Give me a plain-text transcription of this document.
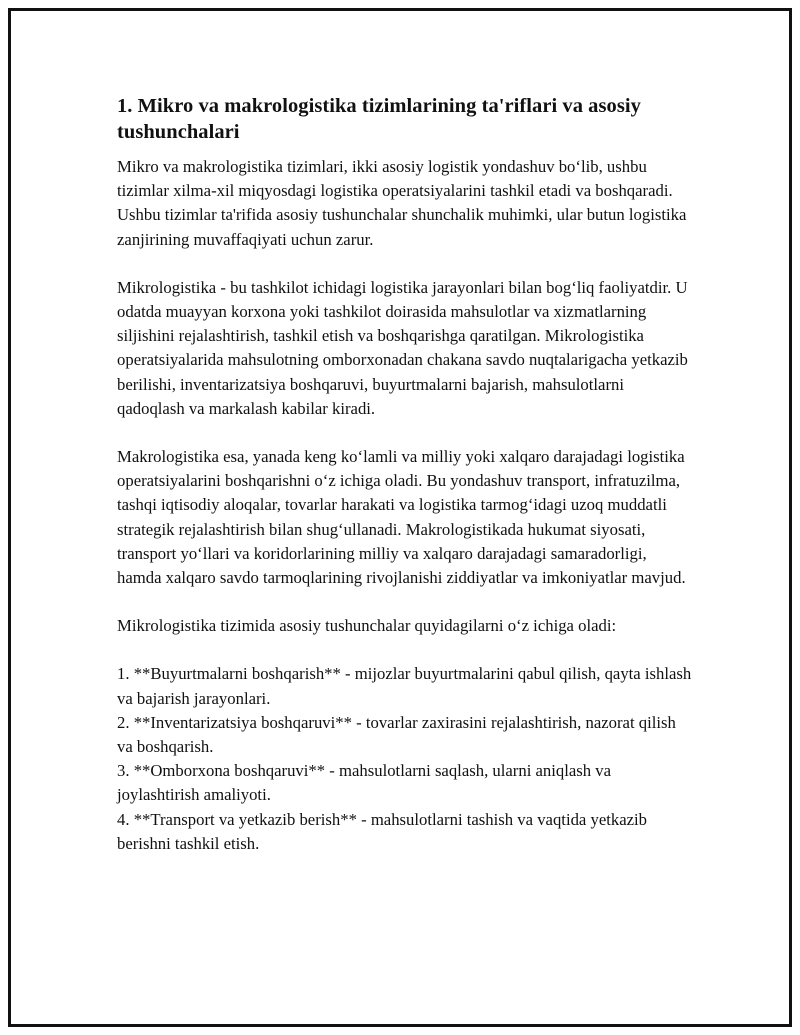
1. Mikro va makrologistika tizimlarining ta'riflari va asosiy tushunchalari

Mikro va makrologistika tizimlari, ikki asosiy logistik yondashuv bo‘lib, ushbu tizimlar xilma-xil miqyosdagi logistika operatsiyalarini tashkil etadi va boshqaradi. Ushbu tizimlar ta'rifida asosiy tushunchalar shunchalik muhimki, ular butun logistika zanjirining muvaffaqiyati uchun zarur.

Mikrologistika - bu tashkilot ichidagi logistika jarayonlari bilan bog‘liq faoliyatdir. U odatda muayyan korxona yoki tashkilot doirasida mahsulotlar va xizmatlarning siljishini rejalashtirish, tashkil etish va boshqarishga qaratilgan. Mikrologistika operatsiyalarida mahsulotning omborxonadan chakana savdo nuqtalarigacha yetkazib berilishi, inventarizatsiya boshqaruvi, buyurtmalarni bajarish, mahsulotlarni qadoqlash va markalash kabilar kiradi.

Makrologistika esa, yanada keng ko‘lamli va milliy yoki xalqaro darajadagi logistika operatsiyalarini boshqarishni o‘z ichiga oladi. Bu yondashuv transport, infratuzilma, tashqi iqtisodiy aloqalar, tovarlar harakati va logistika tarmog‘idagi uzoq muddatli strategik rejalashtirish bilan shug‘ullanadi. Makrologistikada hukumat siyosati, transport yo‘llari va koridorlarining milliy va xalqaro darajadagi samaradorligi, hamda xalqaro savdo tarmoqlarining rivojlanishi ziddiyatlar va imkoniyatlar mavjud.

Mikrologistika tizimida asosiy tushunchalar quyidagilarni o‘z ichiga oladi:

1. **Buyurtmalarni boshqarish** - mijozlar buyurtmalarini qabul qilish, qayta ishlash va bajarish jarayonlari.
2. **Inventarizatsiya boshqaruvi** - tovarlar zaxirasini rejalashtirish, nazorat qilish va boshqarish.
3. **Omborxona boshqaruvi** - mahsulotlarni saqlash, ularni aniqlash va joylashtirish amaliyoti.
4. **Transport va yetkazib berish** - mahsulotlarni tashish va vaqtida yetkazib berishni tashkil etish.
